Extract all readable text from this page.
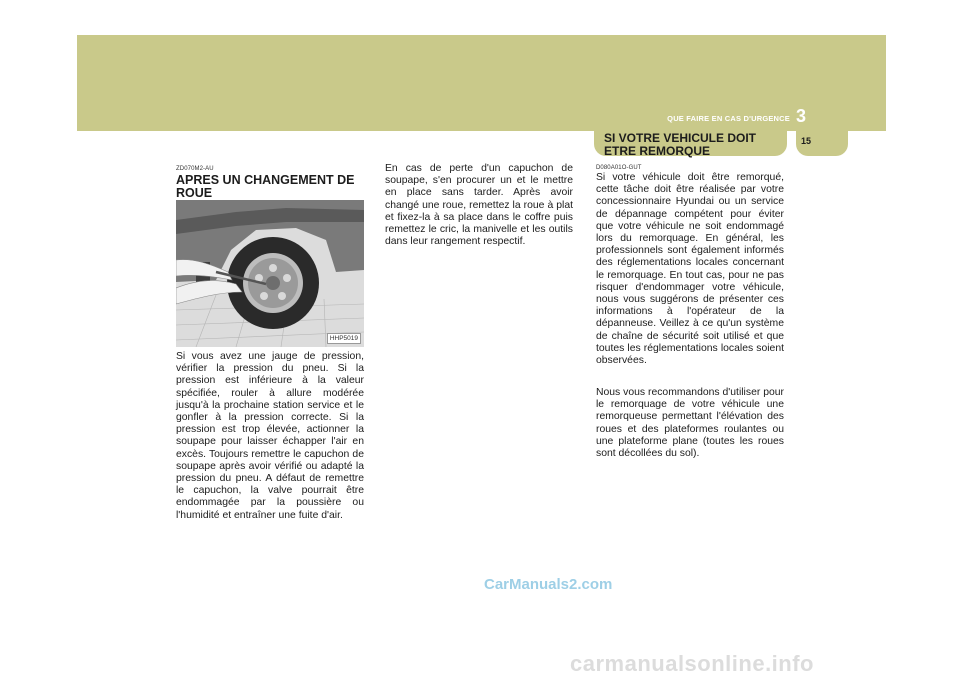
QUE FAIRE EN CAS D'URGENCE 3
SI VOTRE VEHICULE DOIT ETRE REMORQUE
15
ZD070M2-AU
APRES UN CHANGEMENT DE ROUE
HHP5019

Si vous avez une jauge de pression, vérifier la pression du pneu. Si la pression est inférieure à la valeur spécifiée, rouler à allure modérée jusqu'à la prochaine station service et le gonfler à la pression correcte. Si la pression est trop élevée, actionner la soupape pour laisser échapper l'air en excès. Toujours remettre le capuchon de soupape après avoir vérifié ou adapté la pression du pneu. A défaut de remettre le capuchon, la valve pourrait être endommagée par la poussière ou l'humidité et entraîner une fuite d'air.

En cas de perte d'un capuchon de soupape, s'en procurer un et le mettre en place sans tarder. Après avoir changé une roue, remettez la roue à plat et fixez-la à sa place dans le coffre puis remettez le cric, la manivelle et les outils dans leur rangement respectif.

D080A01O-GUT

Si votre véhicule doit être remorqué, cette tâche doit être réalisée par votre concessionnaire Hyundai ou un service de dépannage compétent pour éviter que votre véhicule ne soit endommagé lors du remorquage. En général, les professionnels sont également informés des réglementations locales concernant le remorquage. En tout cas, pour ne pas risquer d'endommager votre véhicule, nous vous suggérons de présenter ces informations à l'opérateur de la dépanneuse. Veillez à ce qu'un système de chaîne de sécurité soit utilisé et que toutes les réglementations locales soient observées.

Nous vous recommandons d'utiliser pour le remorquage de votre véhicule une remorqueuse permettant l'élévation des roues et des plateformes roulantes ou une plateforme plane (toutes les roues sont décollées du sol).

CarManuals2.com
carmanualsonline.info
